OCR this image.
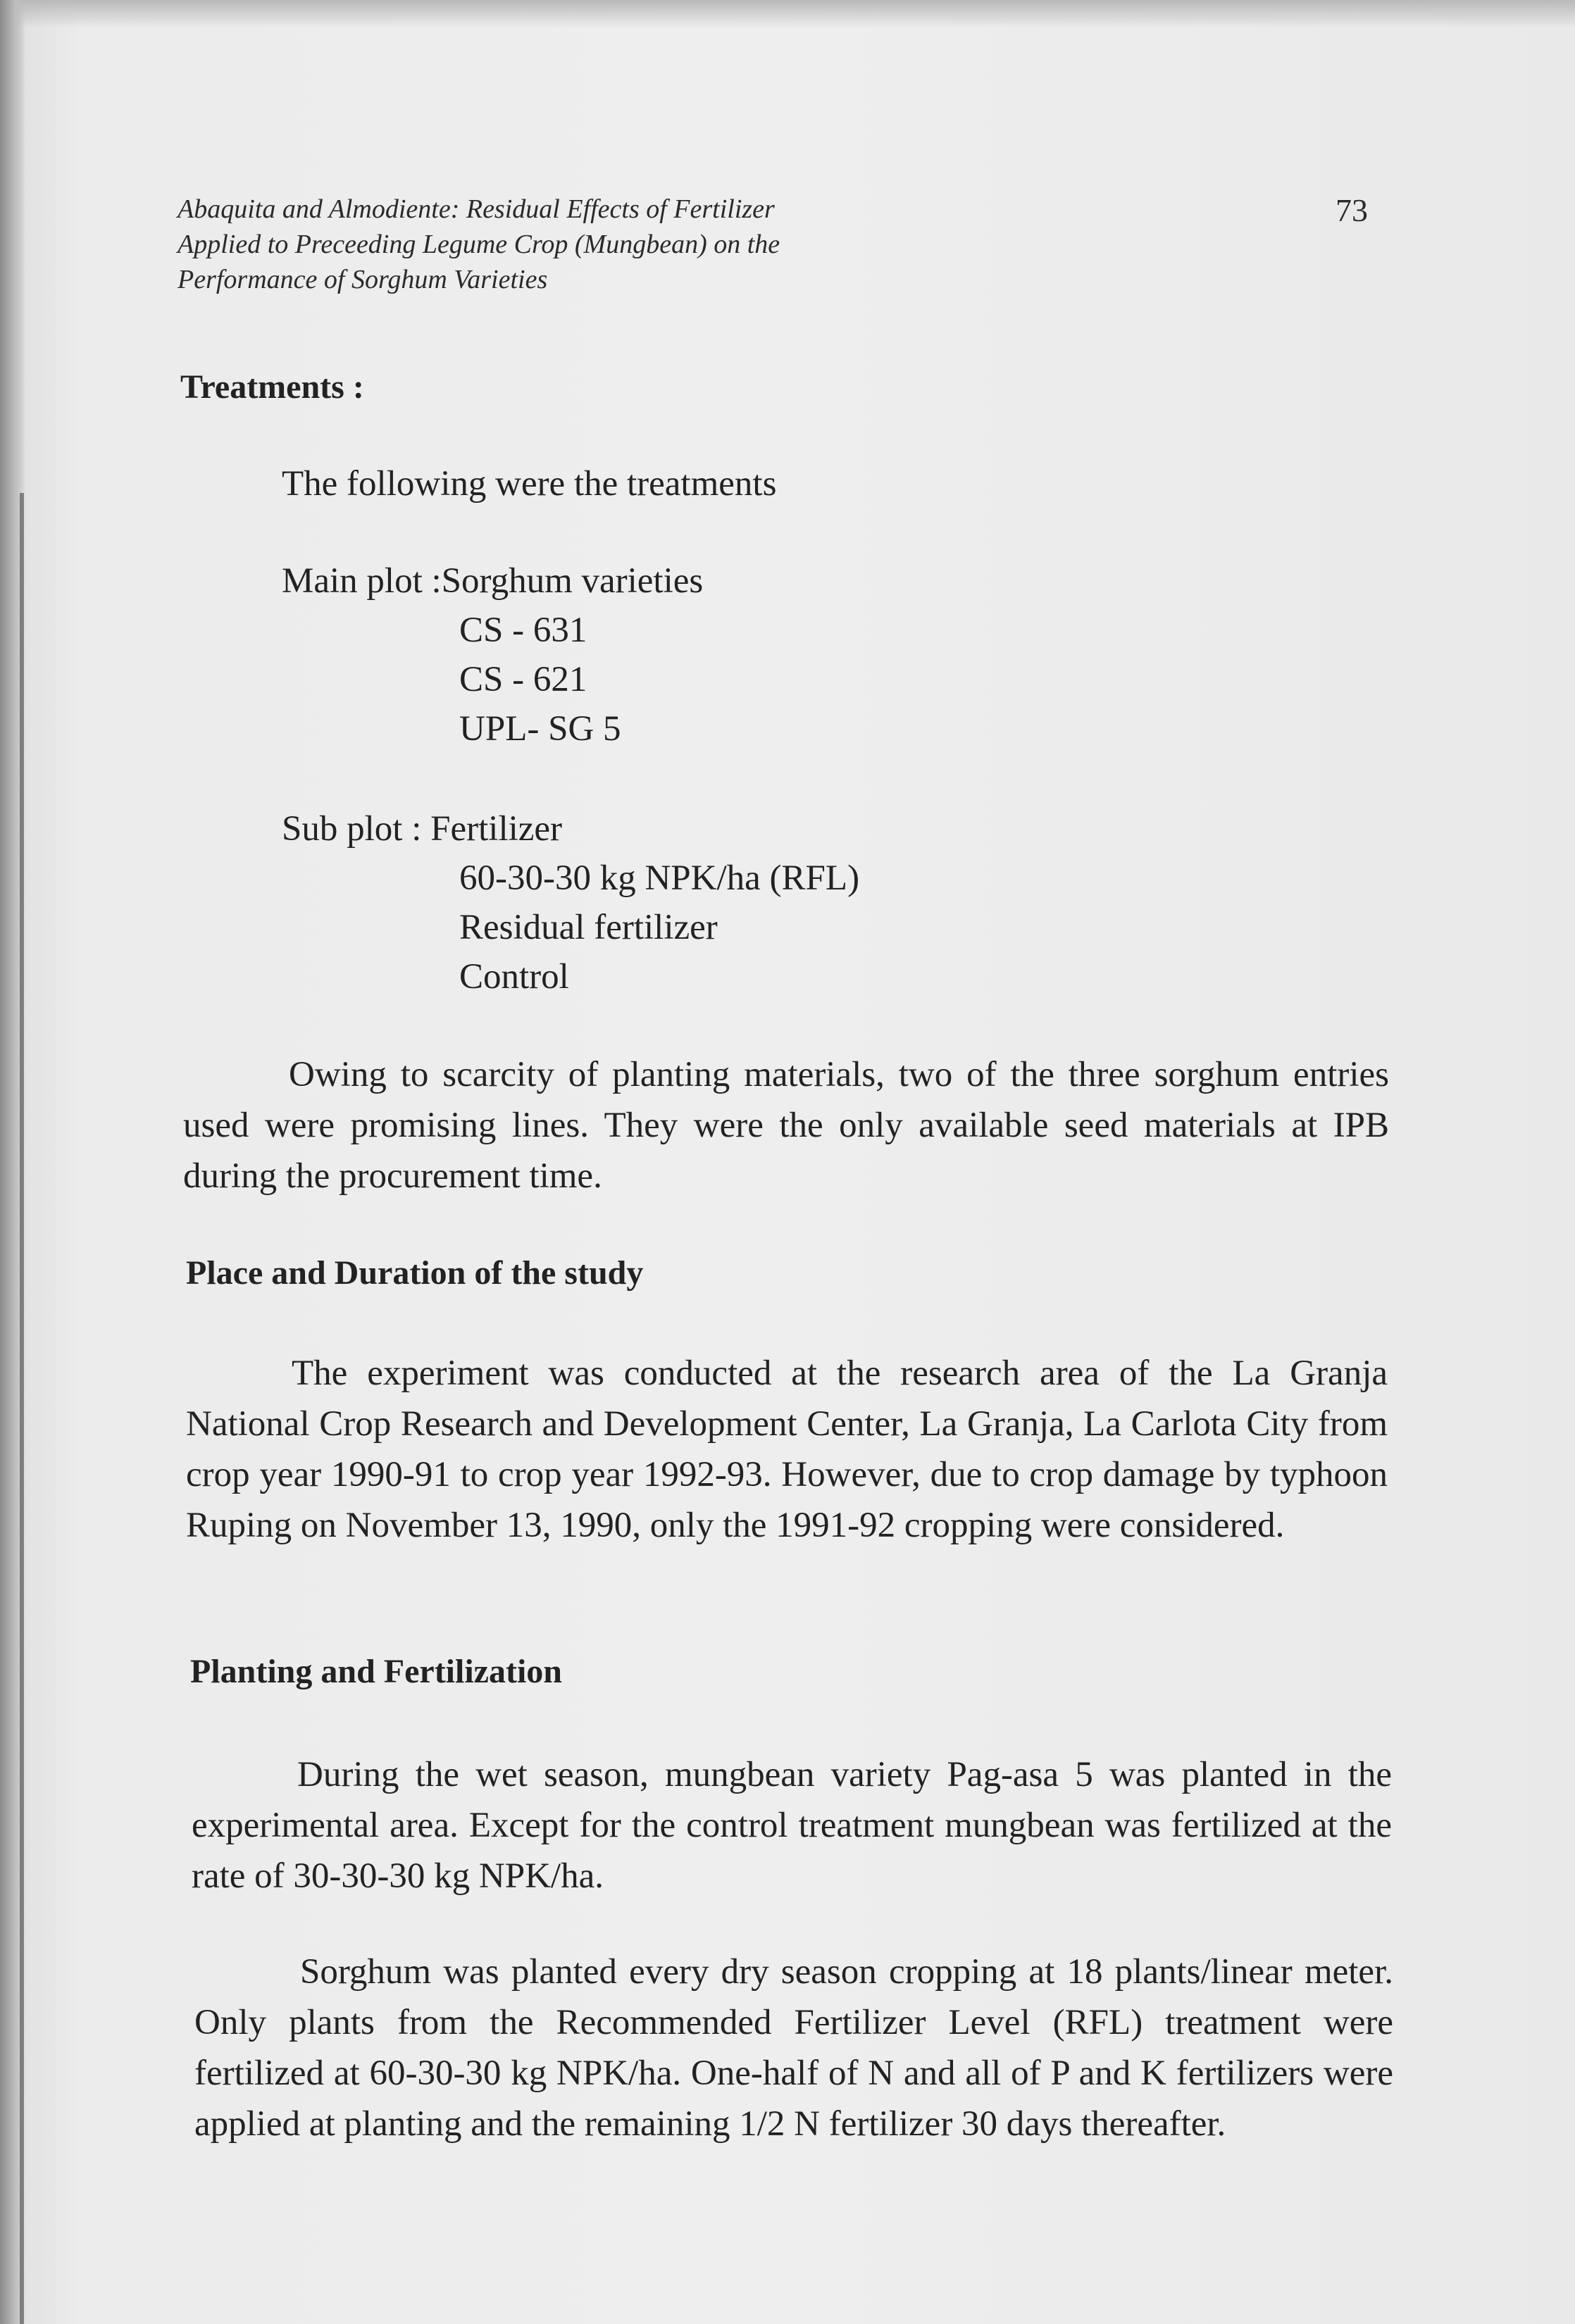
Abaquita and Almodiente: Residual Effects of Fertilizer
Applied to Preceeding Legume Crop (Mungbean) on the
Performance of Sorghum Varieties
73
Treatments :
The following were the treatments
Main plot :Sorghum varieties
CS - 631
CS - 621
UPL- SG 5
Sub plot : Fertilizer
60-30-30 kg NPK/ha (RFL)
Residual fertilizer
Control
Owing to scarcity of planting materials, two of the three sorghum entries used were promising lines. They were the only available seed materials at IPB during the procurement time.
Place and Duration of the study
The experiment was conducted at the research area of the La Granja National Crop Research and Development Center, La Granja, La Carlota City from crop year 1990-91 to crop year 1992-93. However, due to crop damage by typhoon Ruping on November 13, 1990, only the 1991-92 cropping were considered.
Planting and Fertilization
During the wet season, mungbean variety Pag-asa 5 was planted in the experimental area. Except for the control treatment mungbean was fertilized at the rate of 30-30-30 kg NPK/ha.
Sorghum was planted every dry season cropping at 18 plants/linear meter. Only plants from the Recommended Fertilizer Level (RFL) treatment were fertilized at 60-30-30 kg NPK/ha. One-half of N and all of P and K fertilizers were applied at planting and the remaining 1/2 N fertilizer 30 days thereafter.
